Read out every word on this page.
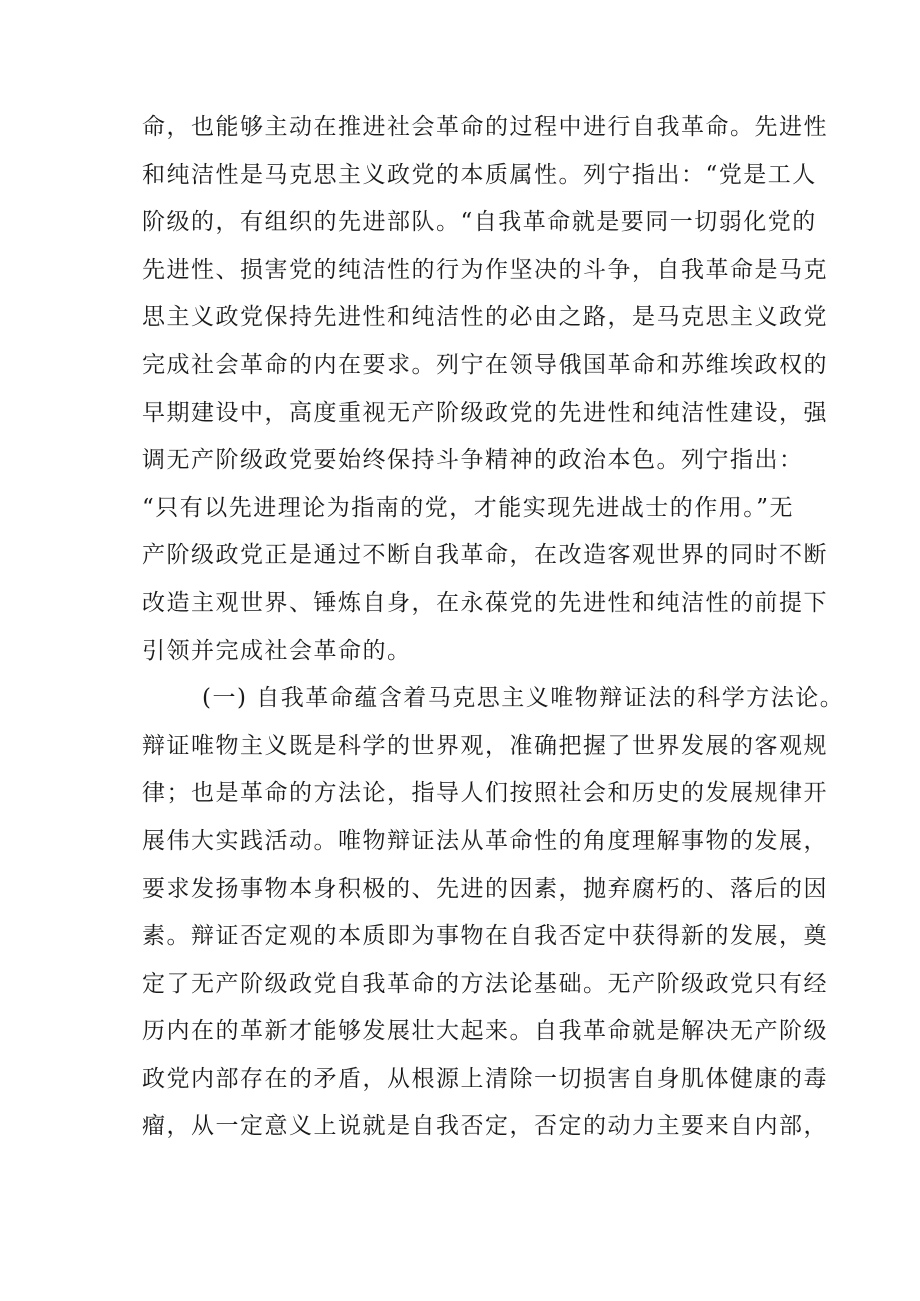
命，也能够主动在推进社会革命的过程中进行自我革命。先进性
和纯洁性是马克思主义政党的本质属性。列宁指出：“党是工人
阶级的，有组织的先进部队。“自我革命就是要同一切弱化党的
先进性、损害党的纯洁性的行为作坚决的斗争，自我革命是马克
思主义政党保持先进性和纯洁性的必由之路，是马克思主义政党
完成社会革命的内在要求。列宁在领导俄国革命和苏维埃政权的
早期建设中，高度重视无产阶级政党的先进性和纯洁性建设，强
调无产阶级政党要始终保持斗争精神的政治本色。列宁指出：
“只有以先进理论为指南的党，才能实现先进战士的作用。”无
产阶级政党正是通过不断自我革命，在改造客观世界的同时不断
改造主观世界、锤炼自身，在永葆党的先进性和纯洁性的前提下
引领并完成社会革命的。
(一) 自我革命蕴含着马克思主义唯物辩证法的科学方法论。
辩证唯物主义既是科学的世界观，准确把握了世界发展的客观规
律；也是革命的方法论，指导人们按照社会和历史的发展规律开
展伟大实践活动。唯物辩证法从革命性的角度理解事物的发展，
要求发扬事物本身积极的、先进的因素，抛弃腐朽的、落后的因
素。辩证否定观的本质即为事物在自我否定中获得新的发展，奠
定了无产阶级政党自我革命的方法论基础。无产阶级政党只有经
历内在的革新才能够发展壮大起来。自我革命就是解决无产阶级
政党内部存在的矛盾，从根源上清除一切损害自身肌体健康的毒
瘤，从一定意义上说就是自我否定，否定的动力主要来自内部，
